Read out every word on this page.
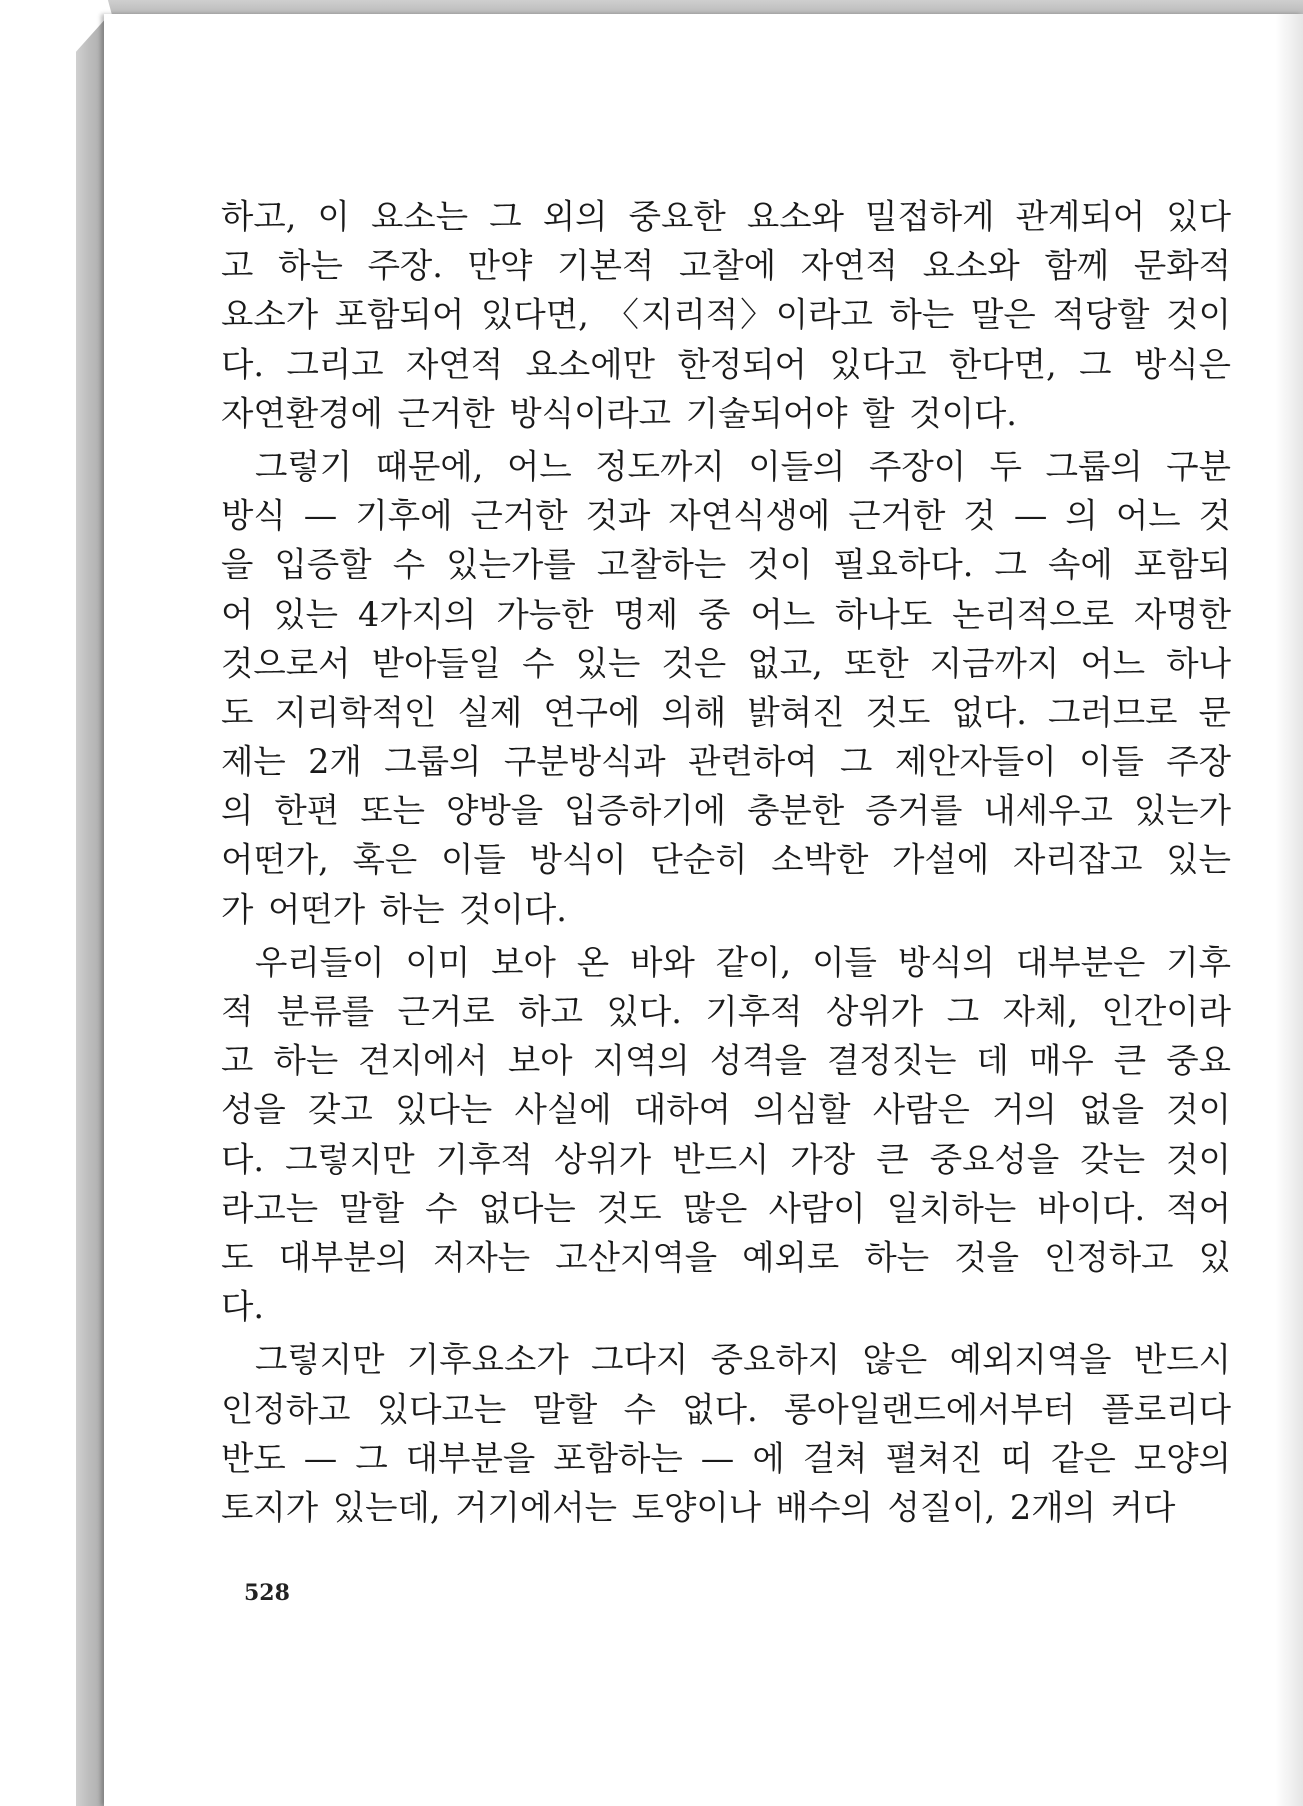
하고, 이 요소는 그 외의 중요한 요소와 밀접하게 관계되어 있다
고 하는 주장. 만약 기본적 고찰에 자연적 요소와 함께 문화적
요소가 포함되어 있다면, 〈지리적〉이라고 하는 말은 적당할 것이
다. 그리고 자연적 요소에만 한정되어 있다고 한다면, 그 방식은
자연환경에 근거한 방식이라고 기술되어야 할 것이다.
그렇기 때문에, 어느 정도까지 이들의 주장이 두 그룹의 구분
방식 — 기후에 근거한 것과 자연식생에 근거한 것 — 의 어느 것
을 입증할 수 있는가를 고찰하는 것이 필요하다. 그 속에 포함되
어 있는 4가지의 가능한 명제 중 어느 하나도 논리적으로 자명한
것으로서 받아들일 수 있는 것은 없고, 또한 지금까지 어느 하나
도 지리학적인 실제 연구에 의해 밝혀진 것도 없다. 그러므로 문
제는 2개 그룹의 구분방식과 관련하여 그 제안자들이 이들 주장
의 한편 또는 양방을 입증하기에 충분한 증거를 내세우고 있는가
어떤가, 혹은 이들 방식이 단순히 소박한 가설에 자리잡고 있는
가 어떤가 하는 것이다.
우리들이 이미 보아 온 바와 같이, 이들 방식의 대부분은 기후
적 분류를 근거로 하고 있다. 기후적 상위가 그 자체, 인간이라
고 하는 견지에서 보아 지역의 성격을 결정짓는 데 매우 큰 중요
성을 갖고 있다는 사실에 대하여 의심할 사람은 거의 없을 것이
다. 그렇지만 기후적 상위가 반드시 가장 큰 중요성을 갖는 것이
라고는 말할 수 없다는 것도 많은 사람이 일치하는 바이다. 적어
도 대부분의 저자는 고산지역을 예외로 하는 것을 인정하고 있
다.
그렇지만 기후요소가 그다지 중요하지 않은 예외지역을 반드시
인정하고 있다고는 말할 수 없다. 롱아일랜드에서부터 플로리다
반도 — 그 대부분을 포함하는 — 에 걸쳐 펼쳐진 띠 같은 모양의
토지가 있는데, 거기에서는 토양이나 배수의 성질이, 2개의 커다
528
